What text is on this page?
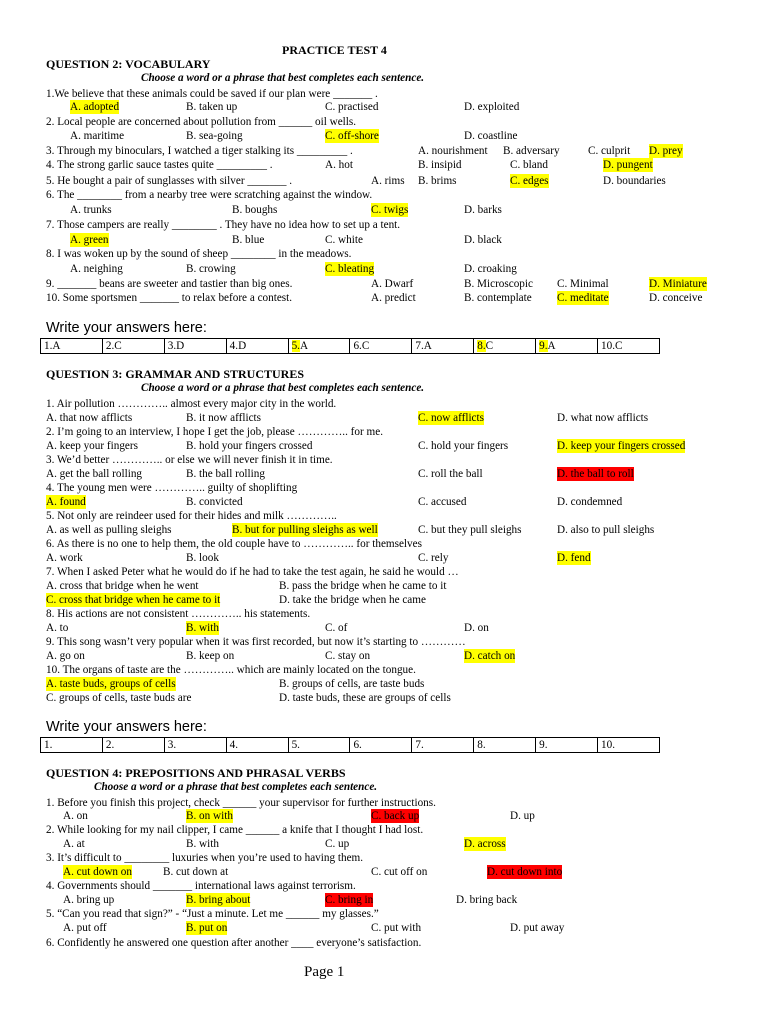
PRACTICE TEST 4
QUESTION 2: VOCABULARY
Choose a word or a phrase that best completes each sentence.
1.We believe that these animals could be saved if our plan were _______ .
A. adopted	B. taken up	C. practised	D. exploited
2. Local people are concerned about pollution from ______ oil wells.
A. maritime	B. sea-going	C. off-shore	D. coastline
3. Through my binoculars, I watched a tiger stalking its _________ .	A. nourishment B. adversary	C. culprit D. prey
4. The strong garlic sauce tastes quite _________ .	A. hot	B. insipid	C. bland	D. pungent
5. He bought a pair of sunglasses with silver _______ .	A. rims B. brims	C. edges	D. boundaries
6. The ________ from a nearby tree were scratching against the window.
A. trunks	B. boughs	C. twigs	D. barks
7. Those campers are really ________ . They have no idea how to set up a tent.
A. green	B. blue	C. white	D. black
8. I was woken up by the sound of sheep ________ in the meadows.
A. neighing	B. crowing	C. bleating	D. croaking
9. _______ beans are sweeter and tastier than big ones.	A. Dwarf	B. Microscopic C. Minimal	D. Miniature
10. Some sportsmen _______ to relax before a contest.	A. predict	B. contemplate C. meditate	D. conceive
Write your answers here:
1.A	2.C	3.D	4.D	5.A	6.C	7.A	8.C	9.A	10.C
QUESTION 3: GRAMMAR AND STRUCTURES
Choose a word or a phrase that best completes each sentence.
1. Air pollution ………….. almost every major city in the world.
A. that now afflicts	B. it now afflicts	C. now afflicts	D. what now afflicts
2. I’m going to an interview, I hope I get the job, please ………….. for me.
A. keep your fingers	B. hold your fingers crossed	C. hold your fingers	D. keep your fingers crossed
3. We’d better ………….. or else we will never finish it in time.
A. get the ball rolling	B. the ball rolling	C. roll the ball	D. the ball to roll
4. The young men were ………….. guilty of shoplifting
A. found	B. convicted	C. accused	D. condemned
5. Not only are reindeer used for their hides and milk …………..
A. as well as pulling sleighs	B. but for pulling sleighs as well	C. but they pull sleighs	D. also to pull sleighs
6. As there is no one to help them, the old couple have to ………….. for themselves
A. work	B. look	C. rely	D. fend
7. When I asked Peter what he would do if he had to take the test again, he said he would …
A. cross that bridge when he went	B. pass the bridge when he came to it
C. cross that bridge when he came to it	D. take the bridge when he came
8. His actions are not consistent ………….. his statements.
A. to	B. with	C. of	D. on
9. This song wasn’t very popular when it was first recorded, but now it’s starting to …………
A. go on	B. keep on	C. stay on	D. catch on
10. The organs of taste are the ………….. which are mainly located on the tongue.
A. taste buds, groups of cells	B. groups of cells, are taste buds
C. groups of cells, taste buds are	D. taste buds, these are groups of cells
Write your answers here:
1.	2.	3.	4.	5.	6.	7.	8.	9.	10.
QUESTION 4: PREPOSITIONS AND PHRASAL VERBS
Choose a word or a phrase that best completes each sentence.
1. Before you finish this project, check ______ your supervisor for further instructions.
A. on	B. on with	C. back up	D. up
2. While looking for my nail clipper, I came ______ a knife that I thought I had lost.
A. at	B. with	C. up	D. across
3. It’s difficult to ________ luxuries when you’re used to having them.
A. cut down on	B. cut down at	C. cut off on	D. cut down into
4. Governments should _______ international laws against terrorism.
A. bring up	B. bring about	C. bring in	D. bring back
5. “Can you read that sign?” - “Just a minute. Let me ______ my glasses.”
A. put off	B. put on	C. put with	D. put away
6. Confidently he answered one question after another ____ everyone’s satisfaction.
Page 1
